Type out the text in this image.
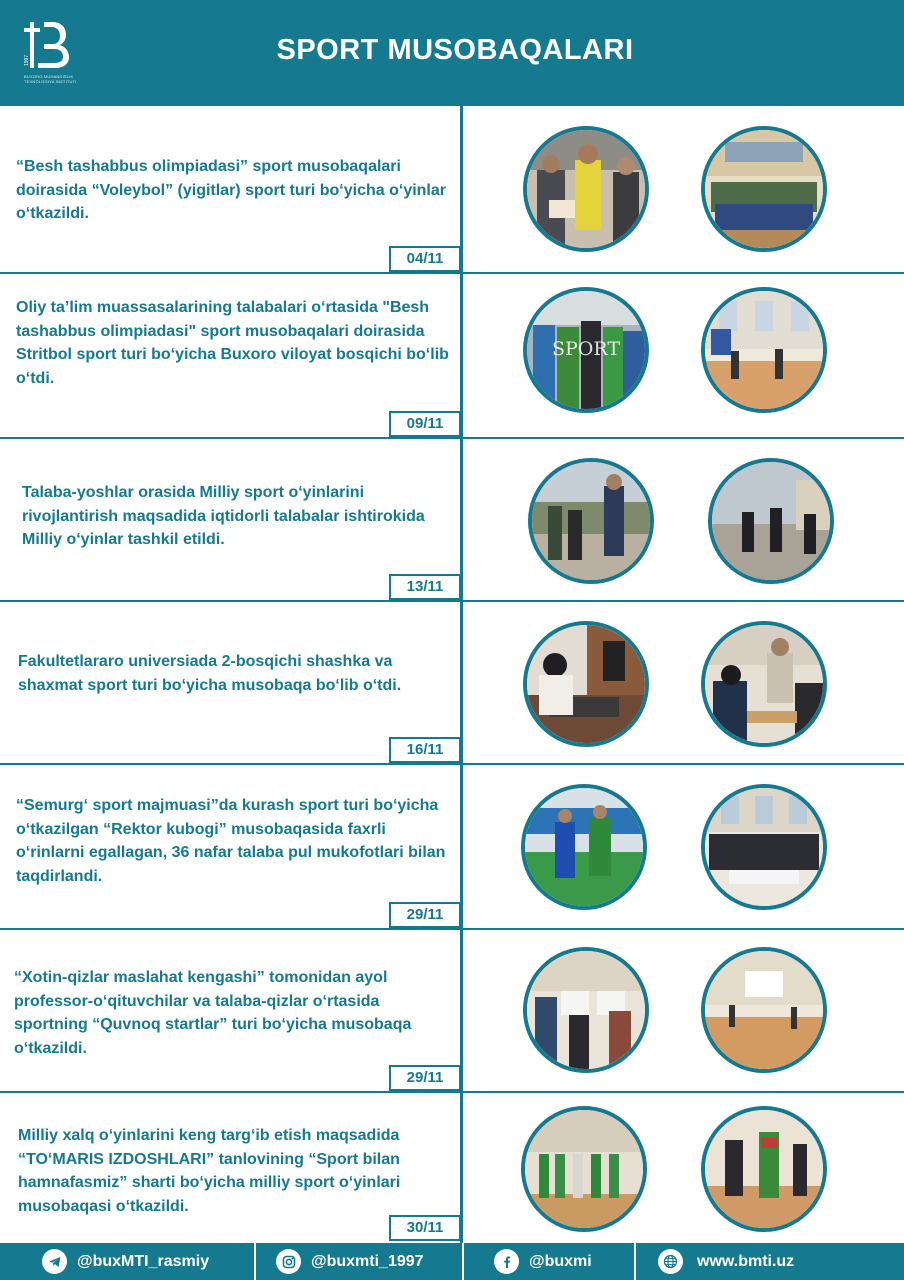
1997
BUXORO MUHANDISLIK TEXNOLOGIYA INSTITUTI
SPORT MUSOBAQALARI
“Besh tashabbus olimpiadasi” sport musobaqalari doirasida “Voleybol” (yigitlar) sport turi bo‘yicha o‘yinlar o‘tkazildi.
04/11
Oliy ta’lim muassasalarining talabalari o‘rtasida "Besh tashabbus olimpiadasi" sport musobaqalari doirasida Stritbol sport turi bo‘yicha Buxoro viloyat bosqichi bo‘lib o‘tdi.
09/11
SPORT
Talaba-yoshlar orasida Milliy sport o‘yinlarini rivojlantirish maqsadida iqtidorli talabalar ishtirokida Milliy o‘yinlar tashkil etildi.
13/11
Fakultetlararo universiada 2-bosqichi shashka va shaxmat sport turi bo‘yicha musobaqa bo‘lib o‘tdi.
16/11
“Semurg‘ sport majmuasi”da kurash sport turi bo‘yicha o‘tkazilgan “Rektor kubogi” musobaqasida faxrli o‘rinlarni egallagan, 36 nafar talaba pul mukofotlari bilan taqdirlandi.
29/11
“Xotin-qizlar maslahat kengashi” tomonidan ayol professor-o‘qituvchilar va talaba-qizlar o‘rtasida sportning “Quvnoq startlar” turi bo‘yicha musobaqa o‘tkazildi.
29/11
Milliy xalq o‘yinlarini keng targ‘ib etish maqsadida “TO‘MARIS IZDOSHLARI” tanlovining “Sport bilan hamnafasmiz” sharti bo‘yicha milliy sport o‘yinlari musobaqasi o‘tkazildi.
30/11
@buxMTI_rasmiy	@buxmti_1997	@buxmi	www.bmti.uz
